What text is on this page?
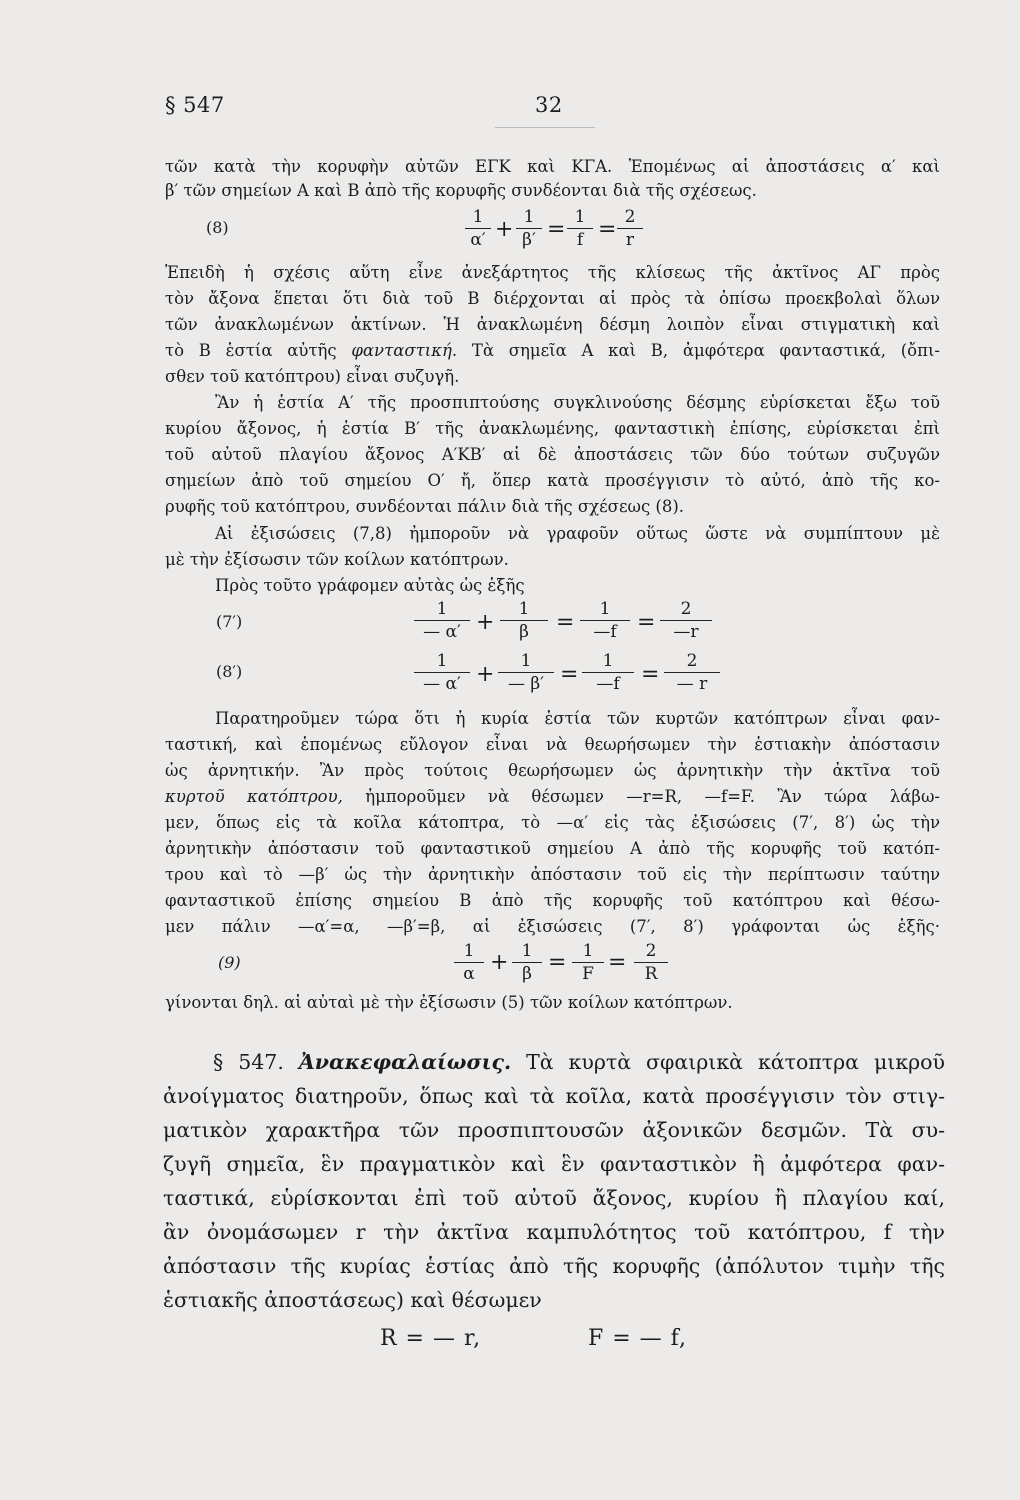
§ 547	32
τῶν κατὰ τὴν κορυφὴν αὐτῶν ΕΓΚ καὶ ΚΓΑ. Ἐπομένως αἱ ἀποστάσεις α′ καὶ
β′ τῶν σημείων Α καὶ Β ἀπὸ τῆς κορυφῆς συνδέονται διὰ τῆς σχέσεως.
(8)	$\frac{1}{\alpha'} + \frac{1}{\beta'} = \frac{1}{f} = \frac{2}{r}$
Ἐπειδὴ ἡ σχέσις αὕτη εἶνε ἀνεξάρτητος τῆς κλίσεως τῆς ἀκτῖνος ΑΓ πρὸς
τὸν ἄξονα ἕπεται ὅτι διὰ τοῦ Β διέρχονται αἱ πρὸς τὰ ὀπίσω προεκβολαὶ ὅλων
τῶν ἀνακλωμένων ἀκτίνων. Ἡ ἀνακλωμένη δέσμη λοιπὸν εἶναι στιγματικὴ καὶ
τὸ Β ἑστία αὐτῆς φανταστική. Τὰ σημεῖα Α καὶ Β, ἀμφότερα φανταστικά, (ὄπι-
σθεν τοῦ κατόπτρου) εἶναι συζυγῆ.
Ἂν ἡ ἑστία Α′ τῆς προσπιπτούσης συγκλινούσης δέσμης εὑρίσκεται ἔξω τοῦ
κυρίου ἄξονος, ἡ ἑστία Β′ τῆς ἀνακλωμένης, φανταστικὴ ἐπίσης, εὑρίσκεται ἐπὶ
τοῦ αὐτοῦ πλαγίου ἄξονος Α′ΚΒ′ αἱ δὲ ἀποστάσεις τῶν δύο τούτων συζυγῶν
σημείων ἀπὸ τοῦ σημείου Ο′ ἤ, ὅπερ κατὰ προσέγγισιν τὸ αὐτό, ἀπὸ τῆς κο-
ρυφῆς τοῦ κατόπτρου, συνδέονται πάλιν διὰ τῆς σχέσεως (8).
Αἱ ἐξισώσεις (7,8) ἠμποροῦν νὰ γραφοῦν οὕτως ὥστε νὰ συμπίπτουν μὲ
μὲ τὴν ἐξίσωσιν τῶν κοίλων κατόπτρων.
Πρὸς τοῦτο γράφομεν αὐτὰς ὡς ἑξῆς
(7′)	$\frac{1}{— \alpha'} + \frac{1}{\beta} = \frac{1}{—f} = \frac{2}{—r}$
(8′)	$\frac{1}{— \alpha'} + \frac{1}{— \beta'} = \frac{1}{—f} = \frac{2}{— r}$
Παρατηροῦμεν τώρα ὅτι ἡ κυρία ἑστία τῶν κυρτῶν κατόπτρων εἶναι φαν-
ταστική, καὶ ἑπομένως εὔλογον εἶναι νὰ θεωρήσωμεν τὴν ἑστιακὴν ἀπόστασιν
ὡς ἀρνητικήν. Ἂν πρὸς τούτοις θεωρήσωμεν ὡς ἀρνητικὴν τὴν ἀκτῖνα τοῦ
κυρτοῦ κατόπτρου, ἠμποροῦμεν νὰ θέσωμεν —r=R, —f=F. Ἂν τώρα λάβω-
μεν, ὅπως εἰς τὰ κοῖλα κάτοπτρα, τὸ —α′ εἰς τὰς ἐξισώσεις (7′, 8′) ὡς τὴν
ἀρνητικὴν ἀπόστασιν τοῦ φανταστικοῦ σημείου Α ἀπὸ τῆς κορυφῆς τοῦ κατόπ-
τρου καὶ τὸ —β′ ὡς τὴν ἀρνητικὴν ἀπόστασιν τοῦ εἰς τὴν περίπτωσιν ταύτην
φανταστικοῦ ἐπίσης σημείου Β ἀπὸ τῆς κορυφῆς τοῦ κατόπτρου καὶ θέσω-
μεν πάλιν —α′=α, —β′=β, αἱ ἐξισώσεις (7′, 8′) γράφονται ὡς ἑξῆς·
(9)	$\frac{1}{\alpha} + \frac{1}{\beta} = \frac{1}{F} = \frac{2}{R}$
γίνονται δηλ. αἱ αὐταὶ μὲ τὴν ἐξίσωσιν (5) τῶν κοίλων κατόπτρων.
§ 547. Ἀνακεφαλαίωσις. Τὰ κυρτὰ σφαιρικὰ κάτοπτρα μικροῦ
ἀνοίγματος διατηροῦν, ὅπως καὶ τὰ κοῖλα, κατὰ προσέγγισιν τὸν στιγ-
ματικὸν χαρακτῆρα τῶν προσπιπτουσῶν ἀξονικῶν δεσμῶν. Τὰ συ-
ζυγῆ σημεῖα, ἓν πραγματικὸν καὶ ἓν φανταστικὸν ἢ ἀμφότερα φαν-
ταστικά, εὑρίσκονται ἐπὶ τοῦ αὐτοῦ ἄξονος, κυρίου ἢ πλαγίου καί,
ἂν ὀνομάσωμεν r τὴν ἀκτῖνα καμπυλότητος τοῦ κατόπτρου, f τὴν
ἀπόστασιν τῆς κυρίας ἑστίας ἀπὸ τῆς κορυφῆς (ἀπόλυτον τιμὴν τῆς
ἑστιακῆς ἀποστάσεως) καὶ θέσωμεν
R = — r,	F = — f,
